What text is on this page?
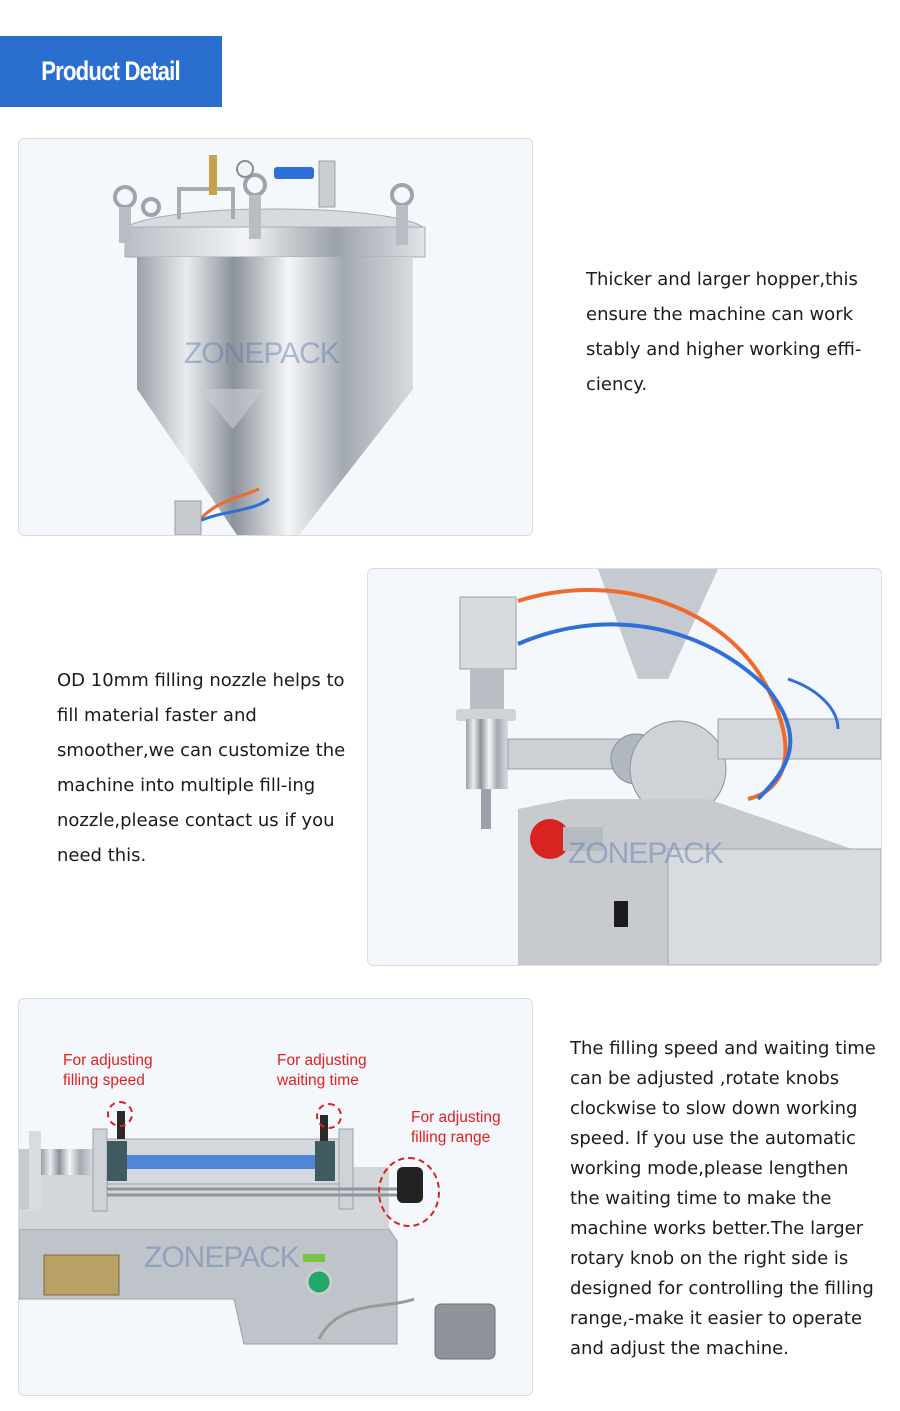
Product Detail
ZONEPACK
Thicker and larger hopper,this ensure the machine can work stably and higher working effi-ciency.
OD 10mm filling nozzle helps to fill material faster and smoother,we can customize the machine into multiple fill-ing nozzle,please contact us if you need this.	ZONEPACK
ZONEPACK
For adjusting
filling speed
For adjusting
waiting time
For adjusting
filling range
The filling speed and waiting time can be adjusted ,rotate knobs clockwise to slow down working speed. If you use the automatic working mode,please lengthen the waiting time to make the machine works better.The larger rotary knob on the right side is designed for controlling the filling range,-make it easier to operate and adjust the machine.
